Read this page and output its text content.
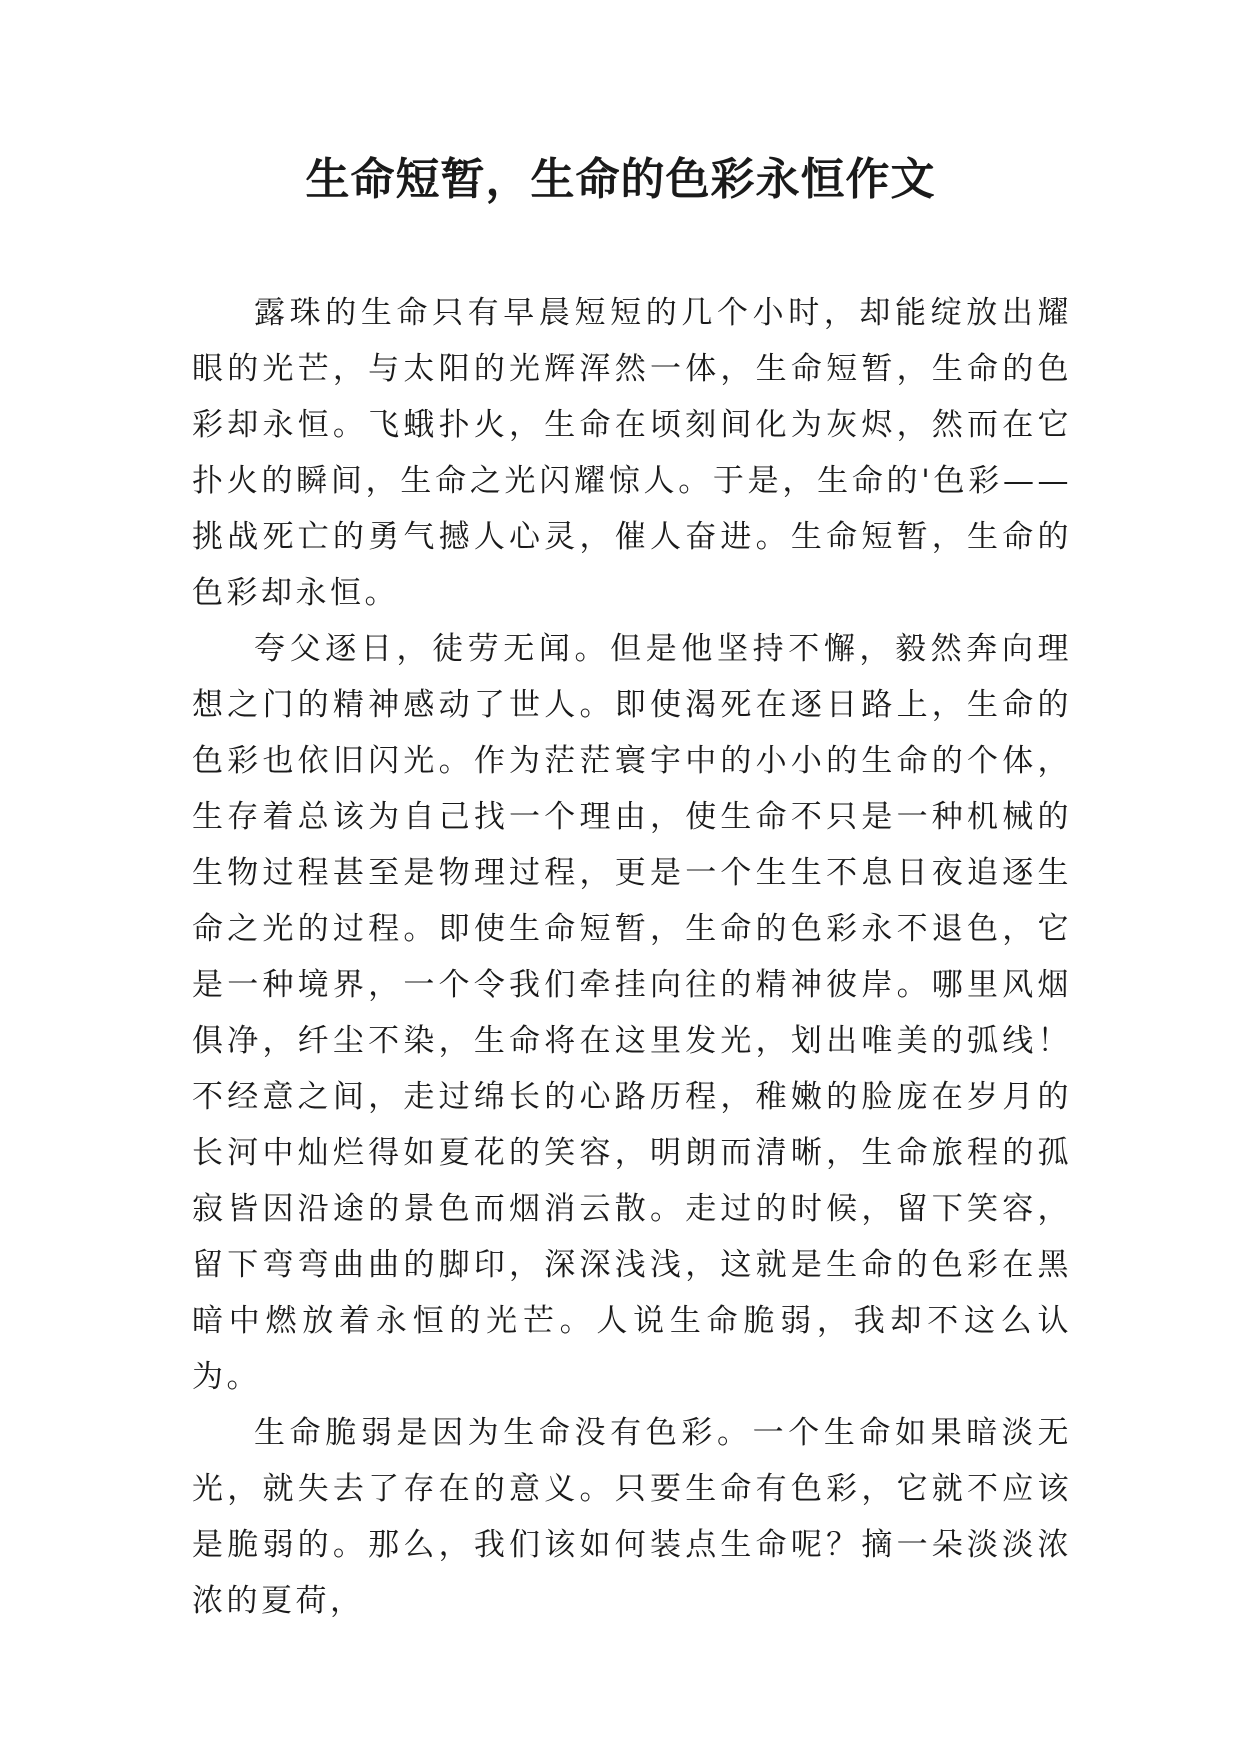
生命短暂，生命的色彩永恒作文

露珠的生命只有早晨短短的几个小时，却能绽放出耀眼的光芒，与太阳的光辉浑然一体，生命短暂，生命的色彩却永恒。飞蛾扑火，生命在顷刻间化为灰烬，然而在它扑火的瞬间，生命之光闪耀惊人。于是，生命的'色彩——挑战死亡的勇气撼人心灵，催人奋进。生命短暂，生命的色彩却永恒。

夸父逐日，徒劳无闻。但是他坚持不懈，毅然奔向理想之门的精神感动了世人。即使渴死在逐日路上，生命的色彩也依旧闪光。作为茫茫寰宇中的小小的生命的个体，生存着总该为自己找一个理由，使生命不只是一种机械的生物过程甚至是物理过程，更是一个生生不息日夜追逐生命之光的过程。即使生命短暂，生命的色彩永不退色，它是一种境界，一个令我们牵挂向往的精神彼岸。哪里风烟俱净，纤尘不染，生命将在这里发光，划出唯美的弧线！不经意之间，走过绵长的心路历程，稚嫩的脸庞在岁月的长河中灿烂得如夏花的笑容，明朗而清晰，生命旅程的孤寂皆因沿途的景色而烟消云散。走过的时候，留下笑容，留下弯弯曲曲的脚印，深深浅浅，这就是生命的色彩在黑暗中燃放着永恒的光芒。人说生命脆弱，我却不这么认为。

生命脆弱是因为生命没有色彩。一个生命如果暗淡无光，就失去了存在的意义。只要生命有色彩，它就不应该是脆弱的。那么，我们该如何装点生命呢？摘一朵淡淡浓浓的夏荷，
